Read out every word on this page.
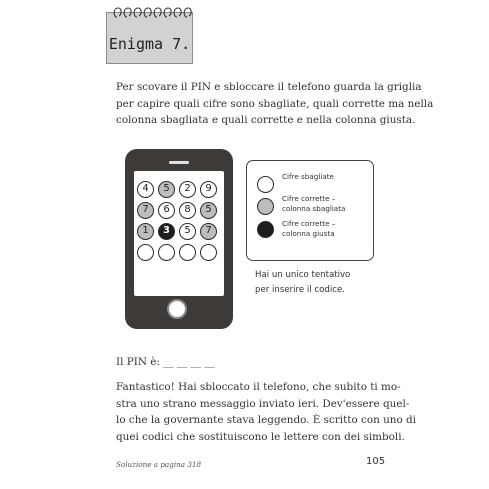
Enigma 7.

Per scovare il PIN e sbloccare il telefono guarda la griglia
per capire quali cifre sono sbagliate, quali corrette ma nella
colonna sbagliata e quali corrette e nella colonna giusta.

4	5	2	9
7	6	8	5
1	3	5	7
Cifre sbagliate
Cifre corrette –
colonna sbagliata
Cifre corrette –
colonna giusta
Hai un unico tentativo
per inserire il codice.

Il PIN è: __ __ __ __

Fantastico! Hai sbloccato il telefono, che subito ti mo-
stra uno strano messaggio inviato ieri. Dev'essere quel-
lo che la governante stava leggendo. È scritto con uno di
quei codici che sostituiscono le lettere con dei simboli.

Soluzione a pagina 318	105
